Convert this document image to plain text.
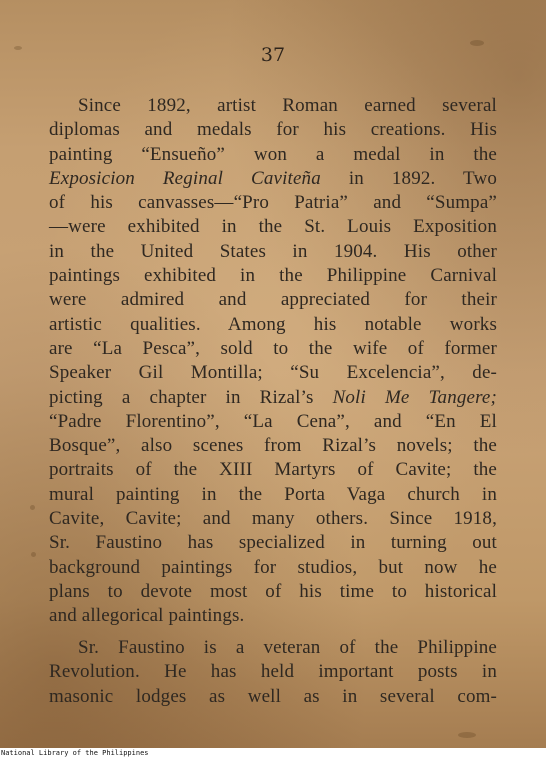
37
Since 1892, artist Roman earned several
diplomas and medals for his creations. His
painting “Ensueño” won a medal in the
Exposicion Reginal Caviteña in 1892. Two
of his canvasses—“Pro Patria” and “Sumpa”
—were exhibited in the St. Louis Exposition
in the United States in 1904. His other
paintings exhibited in the Philippine Carnival
were admired and appreciated for their
artistic qualities. Among his notable works
are “La Pesca”, sold to the wife of former
Speaker Gil Montilla; “Su Excelencia”, de-
picting a chapter in Rizal’s Noli Me Tangere;
“Padre Florentino”, “La Cena”, and “En El
Bosque”, also scenes from Rizal’s novels; the
portraits of the XIII Martyrs of Cavite; the
mural painting in the Porta Vaga church in
Cavite, Cavite; and many others. Since 1918,
Sr. Faustino has specialized in turning out
background paintings for studios, but now he
plans to devote most of his time to historical
and allegorical paintings.
Sr. Faustino is a veteran of the Philippine
Revolution. He has held important posts in
masonic lodges as well as in several com-
National Library of the Philippines
